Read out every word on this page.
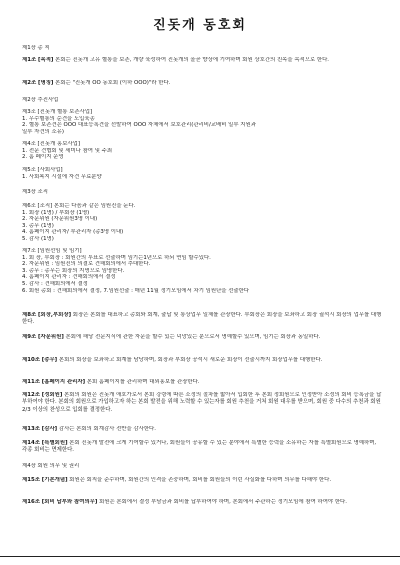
진돗개 동호회
제1장 총 칙
제1조 [목적] 본회는 진돗개 고유 혈통을 보존, 개량 육성하여 진돗개의 올곧 향상에 기여하며 회원 상호간의 친목을 목적으로 한다.
제2조 [명칭] 본회는 "진돗개 OO 동호회 (이하 OOO)"라 한다.
제2장 추진사업
제3조 [진돗개 혈통 보존사업]
1. 우수혈통의 순견을 도입육종
2. 혈통 보존견은 OOO 대표등록견을 선발하여 OOO 자체에서 보호관리(관리비/교배비 일부 지원과
일부 자견의 소유)
제4조 [진돗개 홍보사업]
1. 전문 견협회 및 세미나 참여 및 주최
2. 홈 페이지 운영
제5조 [사회사업]
1. 사회복지 시설에 자견 무료분양
제3장 조직
제6조 [조직] 본회는 다음과 같은 임원진을 둔다.
1. 회장 (1명) / 부회장 (1명)
2. 자문위원 (자문위원3명 이내)
3. 총무 (1명)
4. 홈페이지 관리자/ 부관리자 (총3명 이내)
5. 감사 (1명)
제7조 [임원선임 및 임기]
1. 회 장, 부회장 : 회원간의 투표로 선출하며 임기는1년으로 하되 연임 할수있다.
2. 자문위원 : 임원진의 의결로 견해회의에서 추대한다.
3. 총무 : 총무는 회장의 지명으로 임명한다.
4. 홈페이지 관리자 : 견해회의에서 결정
5. 감사 : 견해회의에서 결정
6. 회원 총회 : 견해회의에서 결정, 7.임원선출 : 매년 11월 정기모임에서 차기 임원단을 선출한다
제8조 [회장,부회장] 회장은 본회를 대표하고 총회와 회계, 출납 및 통상업무 일체를 관장한다. 부회장은 회장을 보좌하고 회장 궐석시 회장의 업무를 대행한다.
제9조 [자문위원] 본회에 해당 전문지식에 관한 자문을 할수 있는 덕망있는 분으로서 명예할수 있으며, 임기는 회장과 동일하다.
제10조 [총무] 본회의 회장을 보좌하고 회계를 담당하며, 회장과 부회장 공석시 새로운 회장이 선출시까지 회장업무를 대행한다.
제11조 [홈페이지 관리자] 본회 홈페이지를 관리하며 대외홍보를 관장한다.
제12조 [정회원] 본회의 회원은 진돗개 애호가로서 본회 강령에 따른 소정의 절차를 밟아서 입회한 후 본회 정회원으로 인정받아 소정의 회비 등록금을 납부하여야 한다. 본회의 회원으로 가입하고자 하는 본회 발전을 위해 노력할 수 있는자를 회원 추천을 거쳐 회원 대우를 받으며, 회원 중 다수의 추천과 회원 2/3 이상의 찬성으로 입회를 결정한다.
제13조 [감사] 감사는 본회의 회계감사 전반을 감사한다.
제14조 [특별회원] 본회 진돗개 발전에 크게 기여할수 있거나, 회원들이 공유할 수 있는 분야에서 특별한 능력을 소유하는 자를 특별회원으로 명예하며, 각종 회비는 면제한다.
제4장 회원 의무 및 권리
제15조 [기본개념] 회원은 회칙을 준수하며, 회원간의 인격을 존중하며, 회비를 회원들의 이런 사실화를 다하며 의무를 다해야 한다.
제16조 [회비 납부와 참여의무] 회원은 본회에서 결정 부담금과 회비를 납부하여야 하며, 본회에서 주관하는 정기모임에 참여 하여야 한다.
